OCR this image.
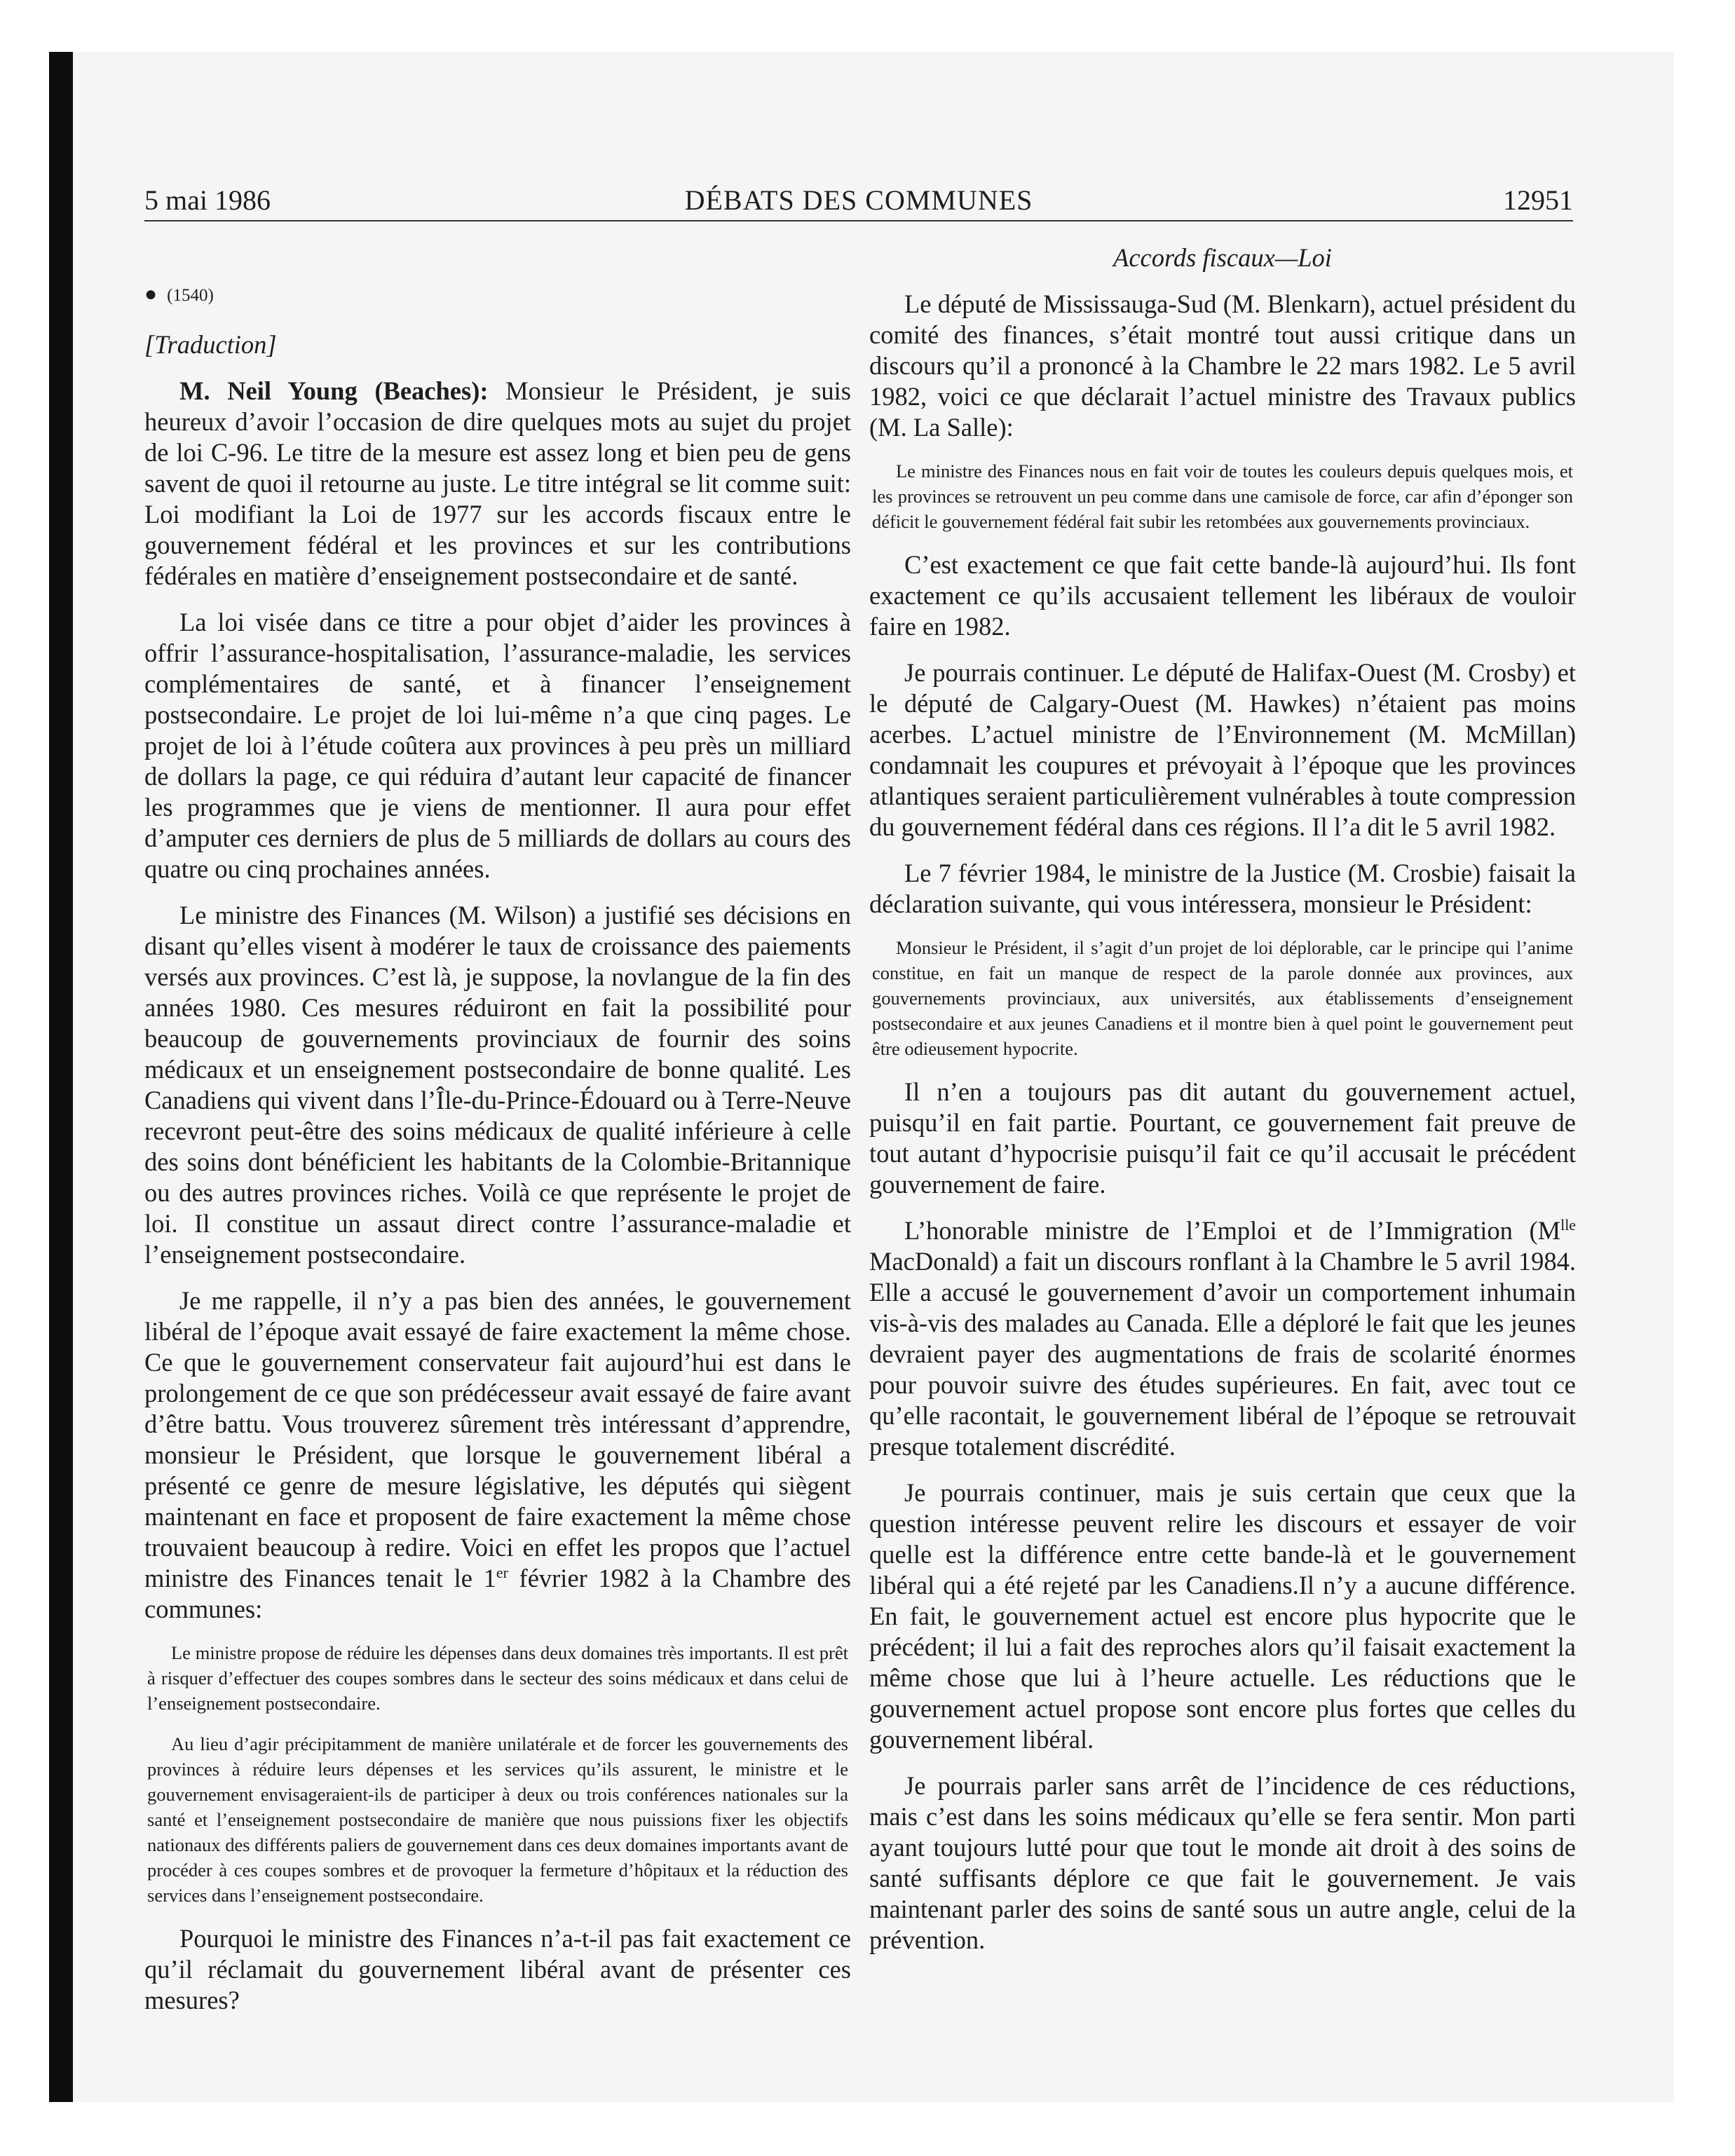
5 mai 1986	DÉBATS DES COMMUNES	12951
● (1540)

[Traduction]

M. Neil Young (Beaches): Monsieur le Président, je suis heureux d’avoir l’occasion de dire quelques mots au sujet du projet de loi C-96. Le titre de la mesure est assez long et bien peu de gens savent de quoi il retourne au juste. Le titre intégral se lit comme suit: Loi modifiant la Loi de 1977 sur les accords fiscaux entre le gouvernement fédéral et les provinces et sur les contributions fédérales en matière d’enseignement postsecondaire et de santé.

La loi visée dans ce titre a pour objet d’aider les provinces à offrir l’assurance-hospitalisation, l’assurance-maladie, les services complémentaires de santé, et à financer l’enseignement postsecondaire. Le projet de loi lui-même n’a que cinq pages. Le projet de loi à l’étude coûtera aux provinces à peu près un milliard de dollars la page, ce qui réduira d’autant leur capacité de financer les programmes que je viens de mentionner. Il aura pour effet d’amputer ces derniers de plus de 5 milliards de dollars au cours des quatre ou cinq prochaines années.

Le ministre des Finances (M. Wilson) a justifié ses décisions en disant qu’elles visent à modérer le taux de croissance des paiements versés aux provinces. C’est là, je suppose, la novlangue de la fin des années 1980. Ces mesures réduiront en fait la possibilité pour beaucoup de gouvernements provinciaux de fournir des soins médicaux et un enseignement postsecondaire de bonne qualité. Les Canadiens qui vivent dans l’Île-du-Prince-Édouard ou à Terre-Neuve recevront peut-être des soins médicaux de qualité inférieure à celle des soins dont bénéficient les habitants de la Colombie-Britannique ou des autres provinces riches. Voilà ce que représente le projet de loi. Il constitue un assaut direct contre l’assurance-maladie et l’enseignement postsecondaire.

Je me rappelle, il n’y a pas bien des années, le gouvernement libéral de l’époque avait essayé de faire exactement la même chose. Ce que le gouvernement conservateur fait aujourd’hui est dans le prolongement de ce que son prédécesseur avait essayé de faire avant d’être battu. Vous trouverez sûrement très intéressant d’apprendre, monsieur le Président, que lorsque le gouvernement libéral a présenté ce genre de mesure législative, les députés qui siègent maintenant en face et proposent de faire exactement la même chose trouvaient beaucoup à redire. Voici en effet les propos que l’actuel ministre des Finances tenait le 1er février 1982 à la Chambre des communes:

Le ministre propose de réduire les dépenses dans deux domaines très importants. Il est prêt à risquer d’effectuer des coupes sombres dans le secteur des soins médicaux et dans celui de l’enseignement postsecondaire.
Au lieu d’agir précipitamment de manière unilatérale et de forcer les gouvernements des provinces à réduire leurs dépenses et les services qu’ils assurent, le ministre et le gouvernement envisageraient-ils de participer à deux ou trois conférences nationales sur la santé et l’enseignement postsecondaire de manière que nous puissions fixer les objectifs nationaux des différents paliers de gouvernement dans ces deux domaines importants avant de procéder à ces coupes sombres et de provoquer la fermeture d’hôpitaux et la réduction des services dans l’enseignement postsecondaire.

Pourquoi le ministre des Finances n’a-t-il pas fait exactement ce qu’il réclamait du gouvernement libéral avant de présenter ces mesures?

Accords fiscaux—Loi

Le député de Mississauga-Sud (M. Blenkarn), actuel président du comité des finances, s’était montré tout aussi critique dans un discours qu’il a prononcé à la Chambre le 22 mars 1982. Le 5 avril 1982, voici ce que déclarait l’actuel ministre des Travaux publics (M. La Salle):

Le ministre des Finances nous en fait voir de toutes les couleurs depuis quelques mois, et les provinces se retrouvent un peu comme dans une camisole de force, car afin d’éponger son déficit le gouvernement fédéral fait subir les retombées aux gouvernements provinciaux.

C’est exactement ce que fait cette bande-là aujourd’hui. Ils font exactement ce qu’ils accusaient tellement les libéraux de vouloir faire en 1982.

Je pourrais continuer. Le député de Halifax-Ouest (M. Crosby) et le député de Calgary-Ouest (M. Hawkes) n’étaient pas moins acerbes. L’actuel ministre de l’Environnement (M. McMillan) condamnait les coupures et prévoyait à l’époque que les provinces atlantiques seraient particulièrement vulnérables à toute compression du gouvernement fédéral dans ces régions. Il l’a dit le 5 avril 1982.

Le 7 février 1984, le ministre de la Justice (M. Crosbie) faisait la déclaration suivante, qui vous intéressera, monsieur le Président:

Monsieur le Président, il s’agit d’un projet de loi déplorable, car le principe qui l’anime constitue, en fait un manque de respect de la parole donnée aux provinces, aux gouvernements provinciaux, aux universités, aux établissements d’enseignement postsecondaire et aux jeunes Canadiens et il montre bien à quel point le gouvernement peut être odieusement hypocrite.

Il n’en a toujours pas dit autant du gouvernement actuel, puisqu’il en fait partie. Pourtant, ce gouvernement fait preuve de tout autant d’hypocrisie puisqu’il fait ce qu’il accusait le précédent gouvernement de faire.

L’honorable ministre de l’Emploi et de l’Immigration ($M^{lle}$ MacDonald) a fait un discours ronflant à la Chambre le 5 avril 1984. Elle a accusé le gouvernement d’avoir un comportement inhumain vis-à-vis des malades au Canada. Elle a déploré le fait que les jeunes devraient payer des augmentations de frais de scolarité énormes pour pouvoir suivre des études supérieures. En fait, avec tout ce qu’elle racontait, le gouvernement libéral de l’époque se retrouvait presque totalement discrédité.

Je pourrais continuer, mais je suis certain que ceux que la question intéresse peuvent relire les discours et essayer de voir quelle est la différence entre cette bande-là et le gouvernement libéral qui a été rejeté par les Canadiens.Il n’y a aucune différence. En fait, le gouvernement actuel est encore plus hypocrite que le précédent; il lui a fait des reproches alors qu’il faisait exactement la même chose que lui à l’heure actuelle. Les réductions que le gouvernement actuel propose sont encore plus fortes que celles du gouvernement libéral.

Je pourrais parler sans arrêt de l’incidence de ces réductions, mais c’est dans les soins médicaux qu’elle se fera sentir. Mon parti ayant toujours lutté pour que tout le monde ait droit à des soins de santé suffisants déplore ce que fait le gouvernement. Je vais maintenant parler des soins de santé sous un autre angle, celui de la prévention.
